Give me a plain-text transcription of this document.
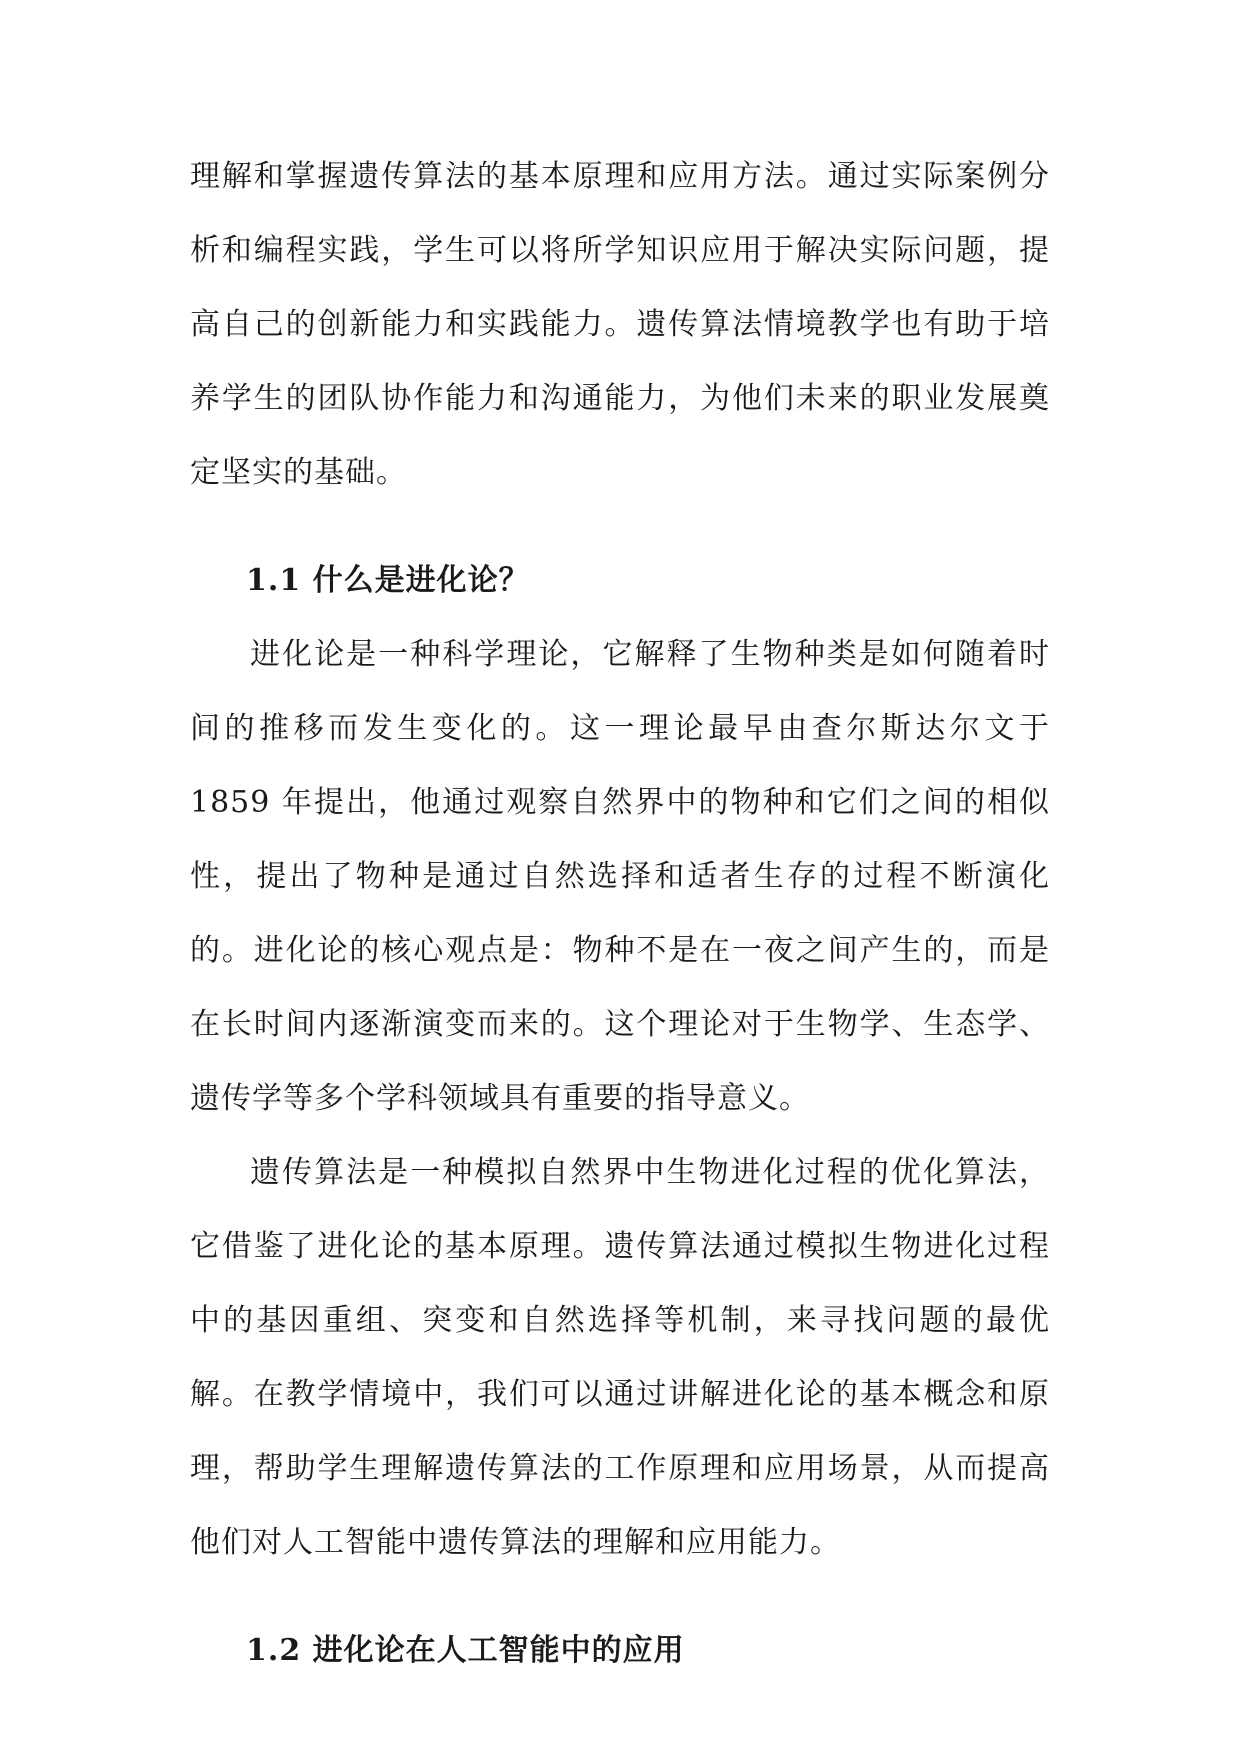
理解和掌握遗传算法的基本原理和应用方法。通过实际案例分析和编程实践，学生可以将所学知识应用于解决实际问题，提高自己的创新能力和实践能力。遗传算法情境教学也有助于培养学生的团队协作能力和沟通能力，为他们未来的职业发展奠定坚实的基础。

1.1 什么是进化论？

进化论是一种科学理论，它解释了生物种类是如何随着时间的推移而发生变化的。这一理论最早由查尔斯达尔文于 1859 年提出，他通过观察自然界中的物种和它们之间的相似性，提出了物种是通过自然选择和适者生存的过程不断演化的。进化论的核心观点是：物种不是在一夜之间产生的，而是在长时间内逐渐演变而来的。这个理论对于生物学、生态学、遗传学等多个学科领域具有重要的指导意义。

遗传算法是一种模拟自然界中生物进化过程的优化算法，它借鉴了进化论的基本原理。遗传算法通过模拟生物进化过程中的基因重组、突变和自然选择等机制，来寻找问题的最优解。在教学情境中，我们可以通过讲解进化论的基本概念和原理，帮助学生理解遗传算法的工作原理和应用场景，从而提高他们对人工智能中遗传算法的理解和应用能力。

1.2 进化论在人工智能中的应用
